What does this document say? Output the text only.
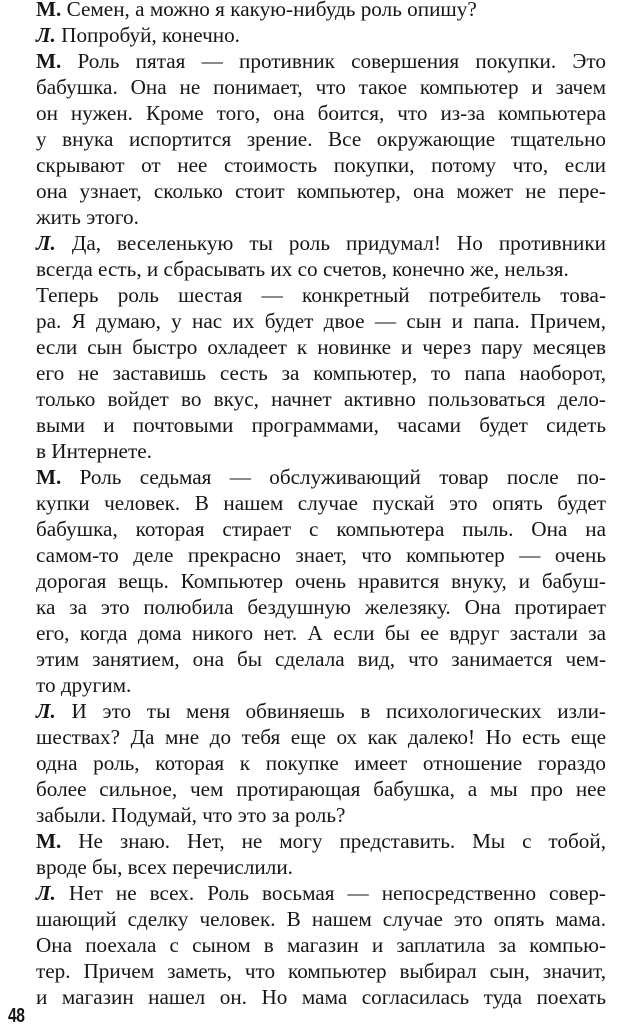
М. Семен, а можно я какую-нибудь роль опишу?

Л. Попробуй, конечно.

М. Роль пятая — противник совершения покупки. Это
бабушка. Она не понимает, что такое компьютер и зачем
он нужен. Кроме того, она боится, что из-за компьютера
у внука испортится зрение. Все окружающие тщательно
скрывают от нее стоимость покупки, потому что, если
она узнает, сколько стоит компьютер, она может не пере-
жить этого.

Л. Да, веселенькую ты роль придумал! Но противники
всегда есть, и сбрасывать их со счетов, конечно же, нельзя.

Теперь роль шестая — конкретный потребитель това-
ра. Я думаю, у нас их будет двое — сын и папа. Причем,
если сын быстро охладеет к новинке и через пару месяцев
его не заставишь сесть за компьютер, то папа наоборот,
только войдет во вкус, начнет активно пользоваться дело-
выми и почтовыми программами, часами будет сидеть
в Интернете.

М. Роль седьмая — обслуживающий товар после по-
купки человек. В нашем случае пускай это опять будет
бабушка, которая стирает с компьютера пыль. Она на
самом-то деле прекрасно знает, что компьютер — очень
дорогая вещь. Компьютер очень нравится внуку, и бабуш-
ка за это полюбила бездушную железяку. Она протирает
его, когда дома никого нет. А если бы ее вдруг застали за
этим занятием, она бы сделала вид, что занимается чем-
то другим.

Л. И это ты меня обвиняешь в психологических изли-
шествах? Да мне до тебя еще ох как далеко! Но есть еще
одна роль, которая к покупке имеет отношение гораздо
более сильное, чем протирающая бабушка, а мы про нее
забыли. Подумай, что это за роль?

М. Не знаю. Нет, не могу представить. Мы с тобой,
вроде бы, всех перечислили.

Л. Нет не всех. Роль восьмая — непосредственно совер-
шающий сделку человек. В нашем случае это опять мама.
Она поехала с сыном в магазин и заплатила за компью-
тер. Причем заметь, что компьютер выбирал сын, значит,
и магазин нашел он. Но мама согласилась туда поехать

48
